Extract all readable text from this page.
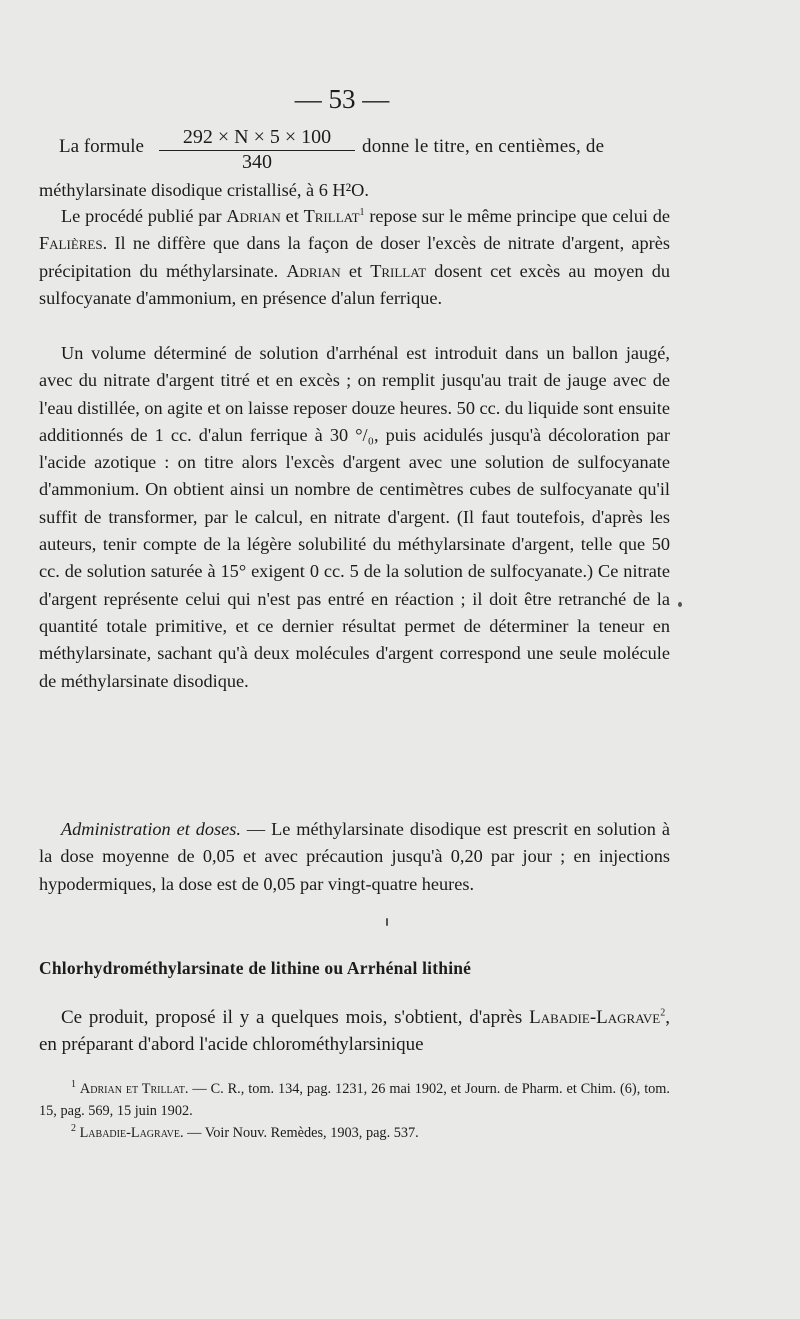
— 53 —
La formule $\frac{292 \times N \times 5 \times 100}{340}$ donne le titre, en centièmes, de

méthylarsinate disodique cristallisé, à 6 H²O.

Le procédé publié par Adrian et Trillat$^1$ repose sur le même principe que celui de Falières. Il ne diffère que dans la façon de doser l'excès de nitrate d'argent, après précipitation du méthylarsinate. Adrian et Trillat dosent cet excès au moyen du sulfocyanate d'ammonium, en présence d'alun ferrique.

Un volume déterminé de solution d'arrhénal est introduit dans un ballon jaugé, avec du nitrate d'argent titré et en excès ; on remplit jusqu'au trait de jauge avec de l'eau distillée, on agite et on laisse reposer douze heures. 50 cc. du liquide sont ensuite additionnés de 1 cc. d'alun ferrique à 30 °/₀, puis acidulés jusqu'à décoloration par l'acide azotique : on titre alors l'excès d'argent avec une solution de sulfocyanate d'ammonium. On obtient ainsi un nombre de centimètres cubes de sulfocyanate qu'il suffit de transformer, par le calcul, en nitrate d'argent. (Il faut toutefois, d'après les auteurs, tenir compte de la légère solubilité du méthylarsinate d'argent, telle que 50 cc. de solution saturée à 15° exigent 0 cc. 5 de la solution de sulfocyanate.) Ce nitrate d'argent représente celui qui n'est pas entré en réaction ; il doit être retranché de la quantité totale primitive, et ce dernier résultat permet de déterminer la teneur en méthylarsinate, sachant qu'à deux molécules d'argent correspond une seule molécule de méthylarsinate disodique.

Administration et doses. — Le méthylarsinate disodique est prescrit en solution à la dose moyenne de 0,05 et avec précaution jusqu'à 0,20 par jour ; en injections hypodermiques, la dose est de 0,05 par vingt-quatre heures.

Chlorhydrométhylarsinate de lithine ou Arrhénal lithiné

Ce produit, proposé il y a quelques mois, s'obtient, d'après Labadie-Lagrave$^2$, en préparant d'abord l'acide chlorométhylarsinique

$^1$ Adrian et Trillat. — C. R., tom. 134, pag. 1231, 26 mai 1902, et Journ. de Pharm. et Chim. (6), tom. 15, pag. 569, 15 juin 1902.

$^2$ Labadie-Lagrave. — Voir Nouv. Remèdes, 1903, pag. 537.
